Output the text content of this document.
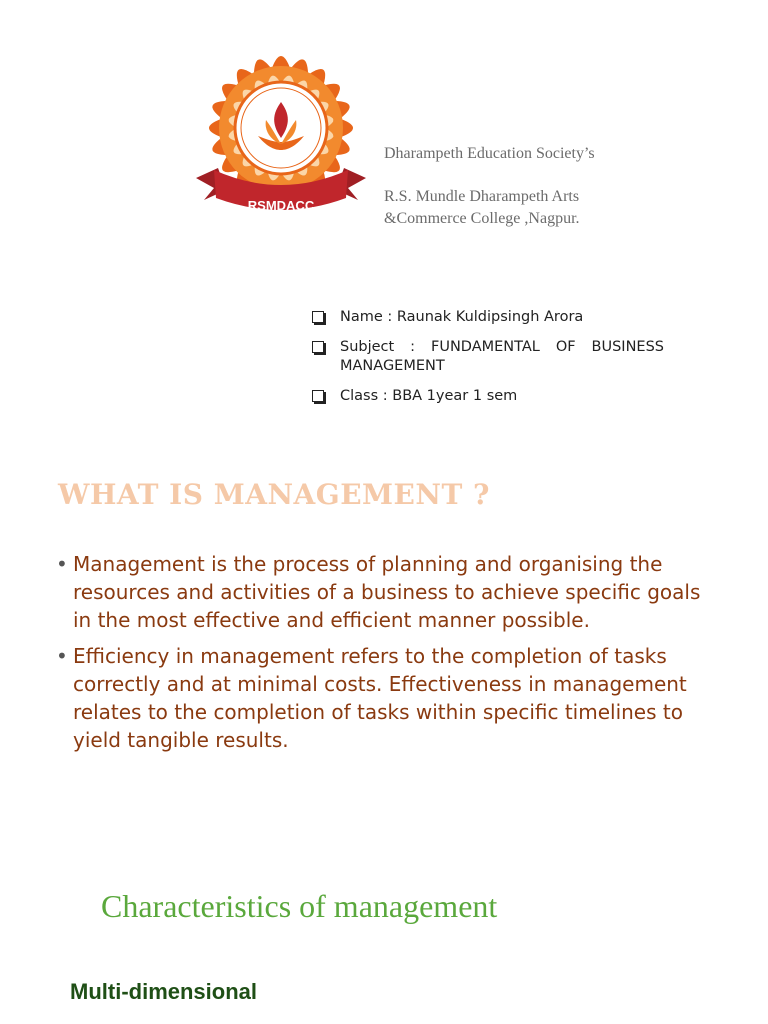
RSMDACC
Dharampeth Education Society’s
R.S. Mundle Dharampeth Arts
&Commerce College ,Nagpur.
Name : Raunak Kuldipsingh Arora
Subject : FUNDAMENTAL OF BUSINESS
MANAGEMENT
Class : BBA 1year 1 sem
WHAT IS MANAGEMENT ?
• Management is the process of planning and organising the resources and activities of a business to achieve specific goals in the most effective and efficient manner possible.
• Efficiency in management refers to the completion of tasks correctly and at minimal costs. Effectiveness in management relates to the completion of tasks within specific timelines to yield tangible results.
Characteristics of management
Multi-dimensional
